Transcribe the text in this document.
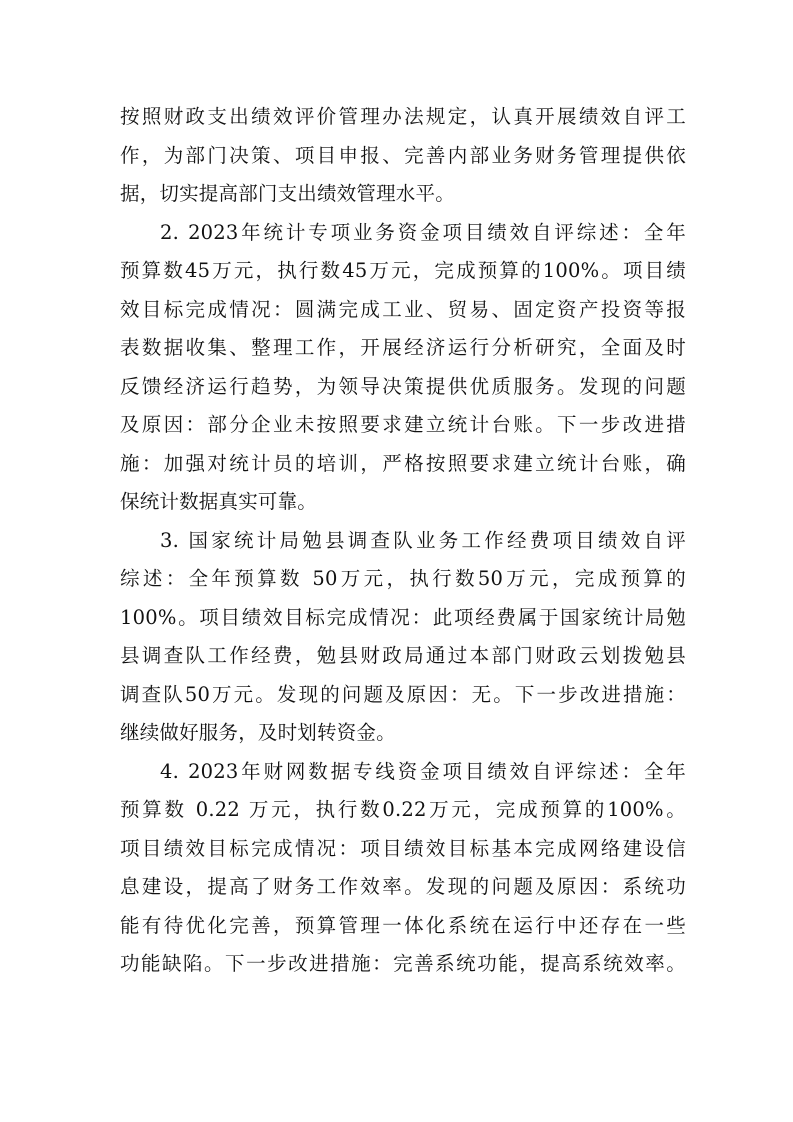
按照财政支出绩效评价管理办法规定，认真开展绩效自评工
作，为部门决策、项目申报、完善内部业务财务管理提供依
据，切实提高部门支出绩效管理水平。
2. 2023年统计专项业务资金项目绩效自评综述：全年
预算数45万元，执行数45万元，完成预算的100%。项目绩
效目标完成情况：圆满完成工业、贸易、固定资产投资等报
表数据收集、整理工作，开展经济运行分析研究，全面及时
反馈经济运行趋势，为领导决策提供优质服务。发现的问题
及原因：部分企业未按照要求建立统计台账。下一步改进措
施：加强对统计员的培训，严格按照要求建立统计台账，确
保统计数据真实可靠。
3. 国家统计局勉县调查队业务工作经费项目绩效自评
综述：全年预算数 50万元，执行数50万元，完成预算的
100%。项目绩效目标完成情况：此项经费属于国家统计局勉
县调查队工作经费，勉县财政局通过本部门财政云划拨勉县
调查队50万元。发现的问题及原因：无。下一步改进措施：
继续做好服务，及时划转资金。
4. 2023年财网数据专线资金项目绩效自评综述：全年
预算数 0.22 万元，执行数0.22万元，完成预算的100%。
项目绩效目标完成情况：项目绩效目标基本完成网络建设信
息建设，提高了财务工作效率。发现的问题及原因：系统功
能有待优化完善，预算管理一体化系统在运行中还存在一些
功能缺陷。下一步改进措施：完善系统功能，提高系统效率。
